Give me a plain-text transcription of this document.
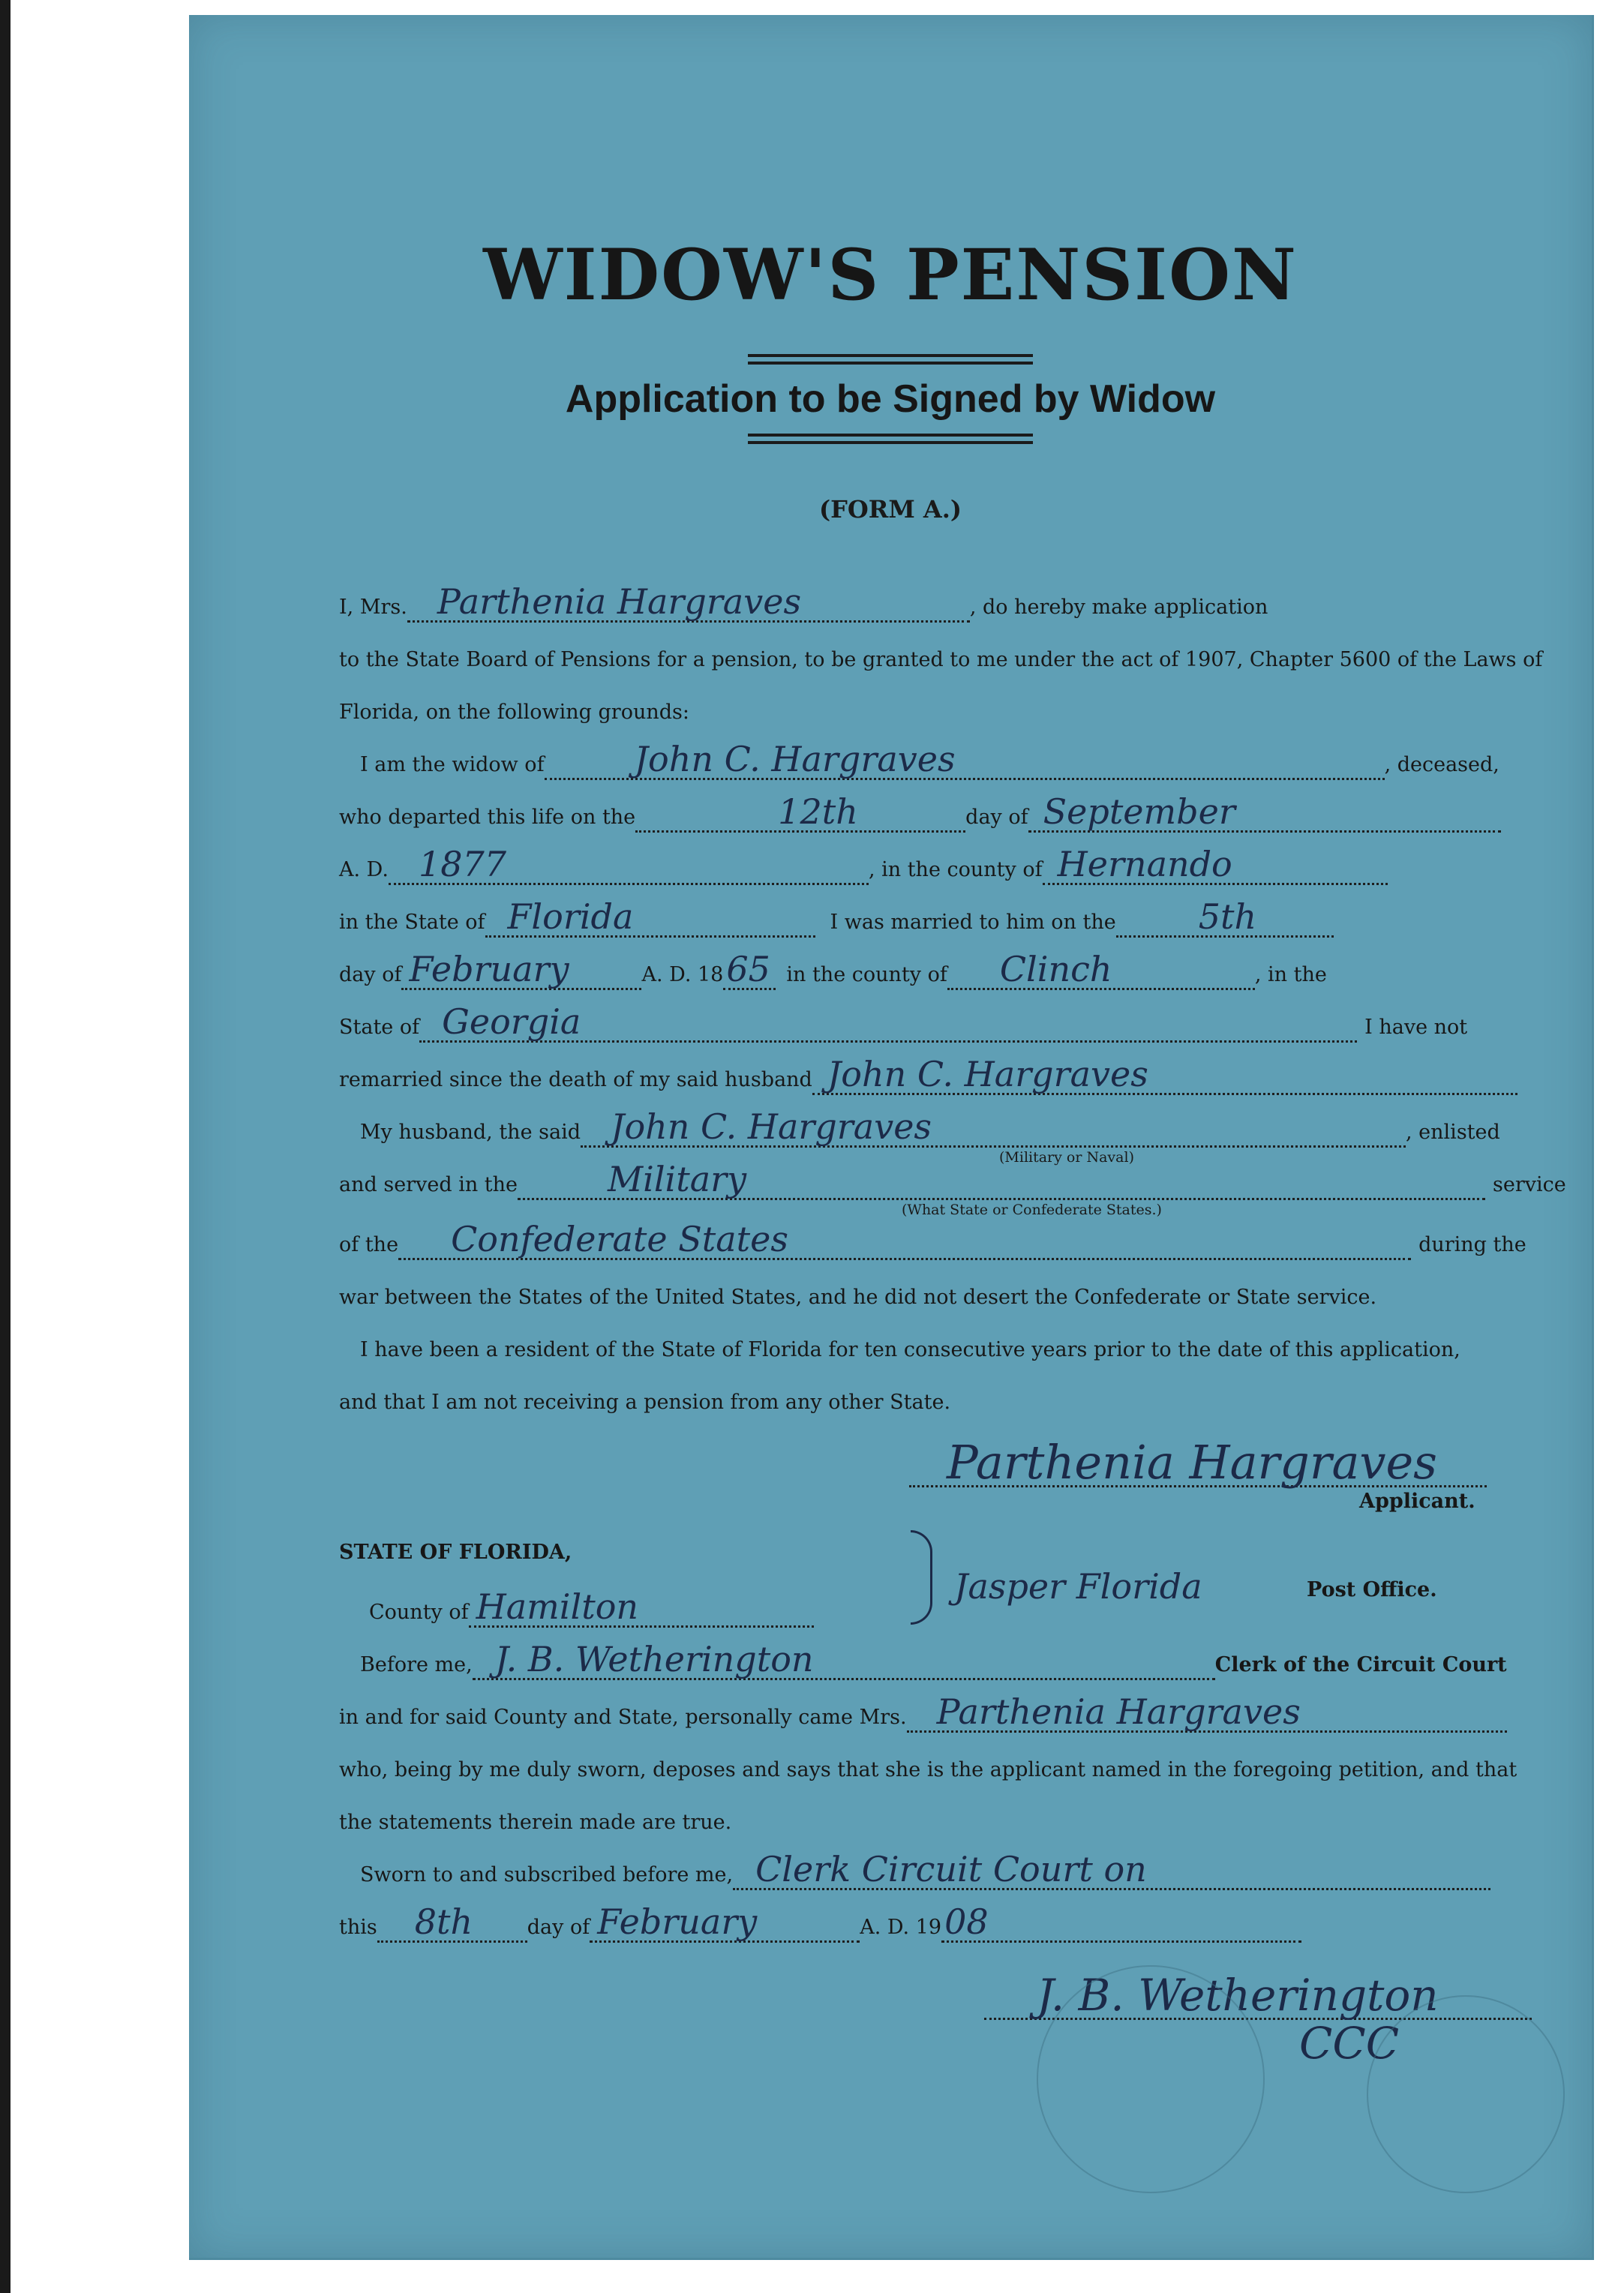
WIDOW'S PENSION
Application to be Signed by Widow
(FORM A.)
I, Mrs. Parthenia Hargraves	, do hereby make application
to the State Board of Pensions for a pension, to be granted to me under the act of 1907, Chapter 5600 of the Laws of
Florida, on the following grounds:
I am the widow of	John C. Hargraves	, deceased,
who departed this life on the	12th	day of September
A. D. 1877	, in the county of Hernando
in the State of Florida	I was married to him on the 5th
day of February	A. D. 18 65 in the county of Clinch	, in the
State of Georgia	I have not
remarried since the death of my said husband John C. Hargraves
My husband, the said John C. Hargraves	, enlisted
(Military or Naval)
and served in the	Military	service
(What State or Confederate States.)
of the Confederate States	during the
war between the States of the United States, and he did not desert the Confederate or State service.
I have been a resident of the State of Florida for ten consecutive years prior to the date of this application,
and that I am not receiving a pension from any other State.
Parthenia Hargraves
Applicant.
STATE OF FLORIDA,
County of Hamilton	Jasper Florida	Post Office.
Before me, J. B. Wetherington	Clerk of the Circuit Court
in and for said County and State, personally came Mrs. Parthenia Hargraves
who, being by me duly sworn, deposes and says that she is the applicant named in the foregoing petition, and that
the statements therein made are true.
Sworn to and subscribed before me, Clerk Circuit Court on
this 8th	day of February	A. D. 19 08
J. B. Wetherington
CCC
